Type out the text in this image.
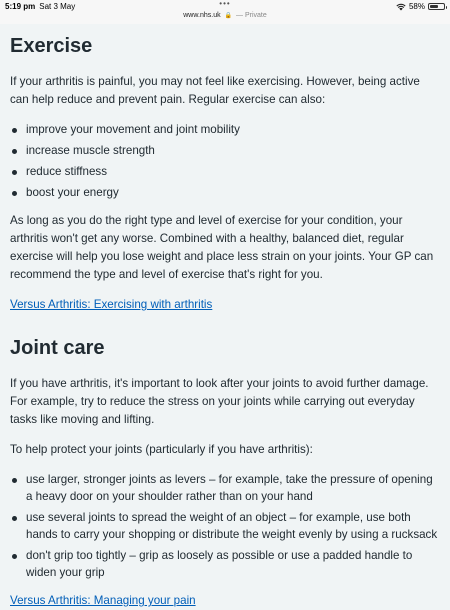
5:19 pm Sat 3 May	•••
www.nhs.uk 🔒 — Private
58%
Exercise

If your arthritis is painful, you may not feel like exercising. However, being active can help reduce and prevent pain. Regular exercise can also:

improve your movement and joint mobility
increase muscle strength
reduce stiffness
boost your energy

As long as you do the right type and level of exercise for your condition, your arthritis won't get any worse. Combined with a healthy, balanced diet, regular exercise will help you lose weight and place less strain on your joints. Your GP can recommend the type and level of exercise that's right for you.

Versus Arthritis: Exercising with arthritis

Joint care

If you have arthritis, it's important to look after your joints to avoid further damage. For example, try to reduce the stress on your joints while carrying out everyday tasks like moving and lifting.

To help protect your joints (particularly if you have arthritis):

use larger, stronger joints as levers – for example, take the pressure of opening a heavy door on your shoulder rather than on your hand
use several joints to spread the weight of an object – for example, use both hands to carry your shopping or distribute the weight evenly by using a rucksack
don't grip too tightly – grip as loosely as possible or use a padded handle to widen your grip

Versus Arthritis: Managing your pain
